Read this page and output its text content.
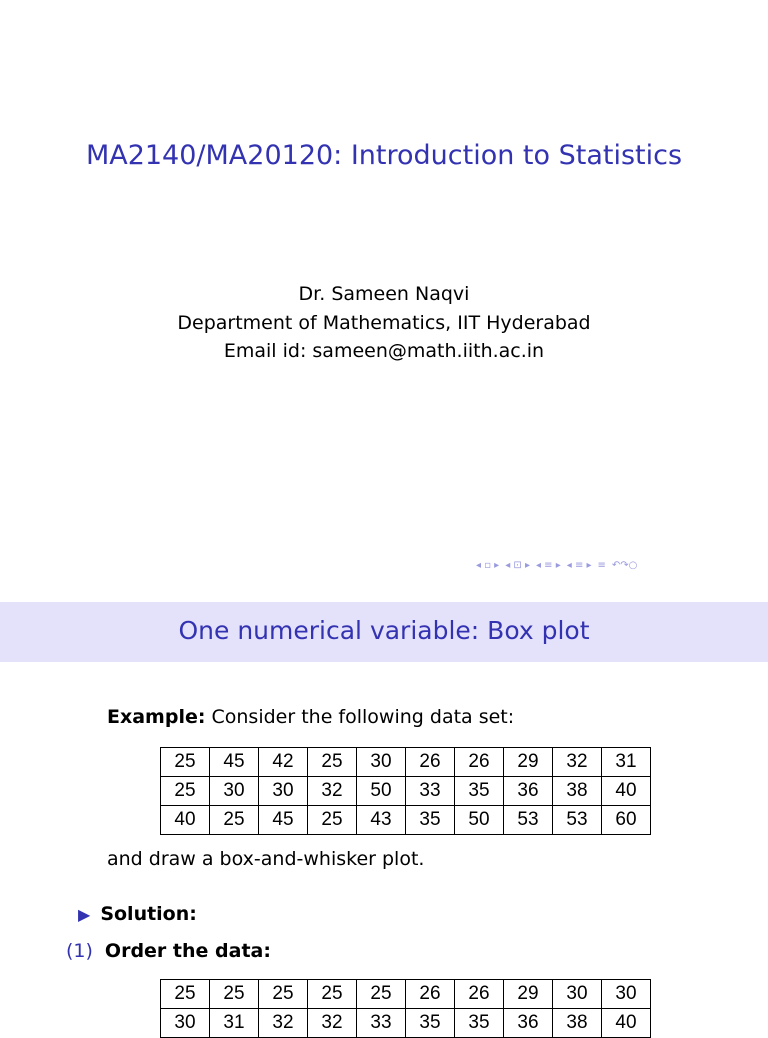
MA2140/MA20120: Introduction to Statistics
Dr. Sameen Naqvi
Department of Mathematics, IIT Hyderabad
Email id: sameen@math.iith.ac.in
◂ ▫ ▸ ◂ ⊡ ▸ ◂ ≡ ▸ ◂ ≡ ▸ ≡ ↶↷○
One numerical variable: Box plot
Example: Consider the following data set:
25	45	42	25	30	26	26	29	32	31
25	30	30	32	50	33	35	36	38	40
40	25	45	25	43	35	50	53	53	60
and draw a box-and-whisker plot.
▶ Solution:
(1) Order the data:
25	25	25	25	25	26	26	29	30	30
30	31	32	32	33	35	35	36	38	40
